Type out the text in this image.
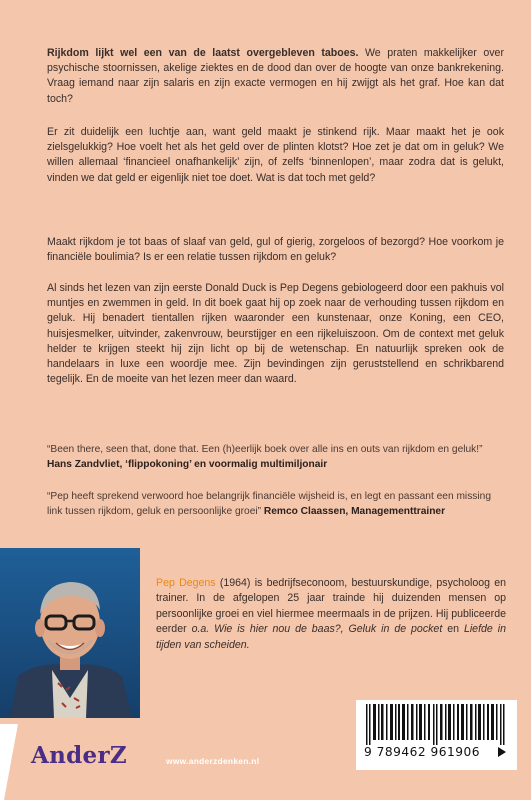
Rijkdom lijkt wel een van de laatst overgebleven taboes. We praten makkelijker over psychische stoornissen, akelige ziektes en de dood dan over de hoogte van onze bankrekening. Vraag iemand naar zijn salaris en zijn exacte vermogen en hij zwijgt als het graf. Hoe kan dat toch?

Er zit duidelijk een luchtje aan, want geld maakt je stinkend rijk. Maar maakt het je ook zielsgelukkig? Hoe voelt het als het geld over de plinten klotst? Hoe zet je dat om in geluk? We willen allemaal ‘financieel onafhankelijk’ zijn, of zelfs ‘binnenlopen’, maar zodra dat is gelukt, vinden we dat geld er eigenlijk niet toe doet. Wat is dat toch met geld?

Maakt rijkdom je tot baas of slaaf van geld, gul of gierig, zorgeloos of bezorgd? Hoe voorkom je financiële boulimia? Is er een relatie tussen rijkdom en geluk?

Al sinds het lezen van zijn eerste Donald Duck is Pep Degens gebiologeerd door een pakhuis vol muntjes en zwemmen in geld. In dit boek gaat hij op zoek naar de verhouding tussen rijkdom en geluk. Hij benadert tientallen rijken waaronder een kunstenaar, onze Koning, een CEO, huisjesmelker, uitvinder, zakenvrouw, beurstijger en een rijkeluiszoon. Om de context met geluk helder te krijgen steekt hij zijn licht op bij de wetenschap. En natuurlijk spreken ook de handelaars in luxe een woordje mee. Zijn bevindingen zijn geruststellend en schrikbarend tegelijk. En de moeite van het lezen meer dan waard.

“Been there, seen that, done that. Een (h)eerlijk boek over alle ins en outs van rijkdom en geluk!” Hans Zandvliet, ‘flippokoning’ en voormalig multimiljonair

“Pep heeft sprekend verwoord hoe belangrijk financiële wijsheid is, en legt en passant een missing link tussen rijkdom, geluk en persoonlijke groei” Remco Claassen, Managementtrainer

Pep Degens (1964) is bedrijfseconoom, bestuurskundige, psycholoog en trainer. In de afgelopen 25 jaar trainde hij duizenden mensen op persoonlijke groei en viel hiermee meermaals in de prijzen. Hij publiceerde eerder o.a. Wie is hier nou de baas?, Geluk in de pocket en Liefde in tijden van scheiden.

AnderZ	www.anderzdenken.nl
9 789462 961906
